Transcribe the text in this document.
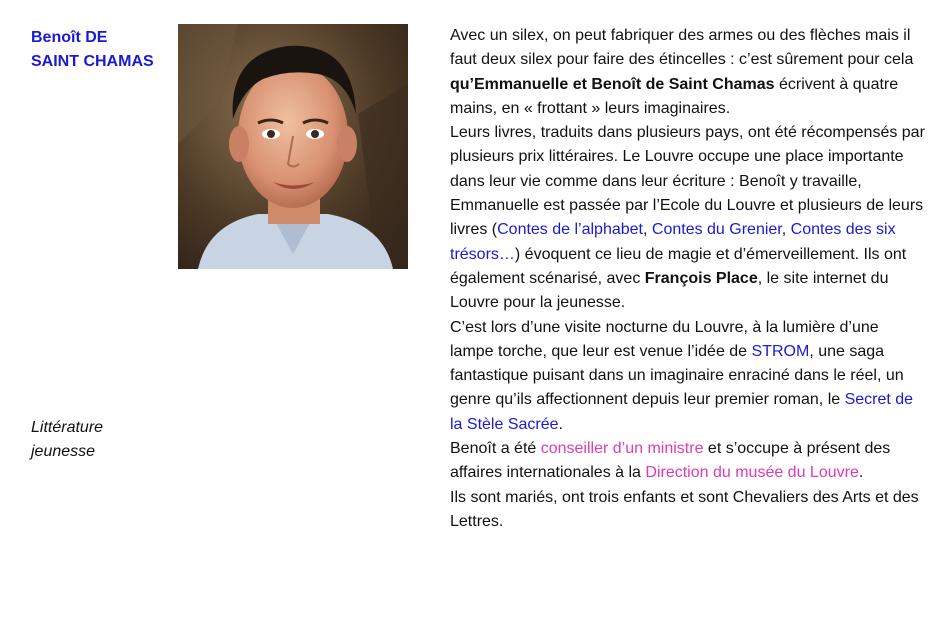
Benoît DE
SAINT CHAMAS
Littérature
jeunesse

Avec un silex, on peut fabriquer des armes ou des flèches mais il faut deux silex pour faire des étincelles : c’est sûrement pour cela qu’Emmanuelle et Benoît de Saint Chamas écrivent à quatre mains, en « frottant » leurs imaginaires.

Leurs livres, traduits dans plusieurs pays, ont été récompensés par plusieurs prix littéraires. Le Louvre occupe une place importante dans leur vie comme dans leur écriture : Benoît y travaille, Emmanuelle est passée par l’Ecole du Louvre et plusieurs de leurs livres (Contes de l’alphabet, Contes du Grenier, Contes des six trésors…) évoquent ce lieu de magie et d’émerveillement. Ils ont également scénarisé, avec François Place, le site internet du Louvre pour la jeunesse.

C’est lors d’une visite nocturne du Louvre, à la lumière d’une lampe torche, que leur est venue l’idée de STROM, une saga fantastique puisant dans un imaginaire enraciné dans le réel, un genre qu’ils affectionnent depuis leur premier roman, le Secret de la Stèle Sacrée.

Benoît a été conseiller d’un ministre et s’occupe à présent des affaires internationales à la Direction du musée du Louvre.

Ils sont mariés, ont trois enfants et sont Chevaliers des Arts et des Lettres.
